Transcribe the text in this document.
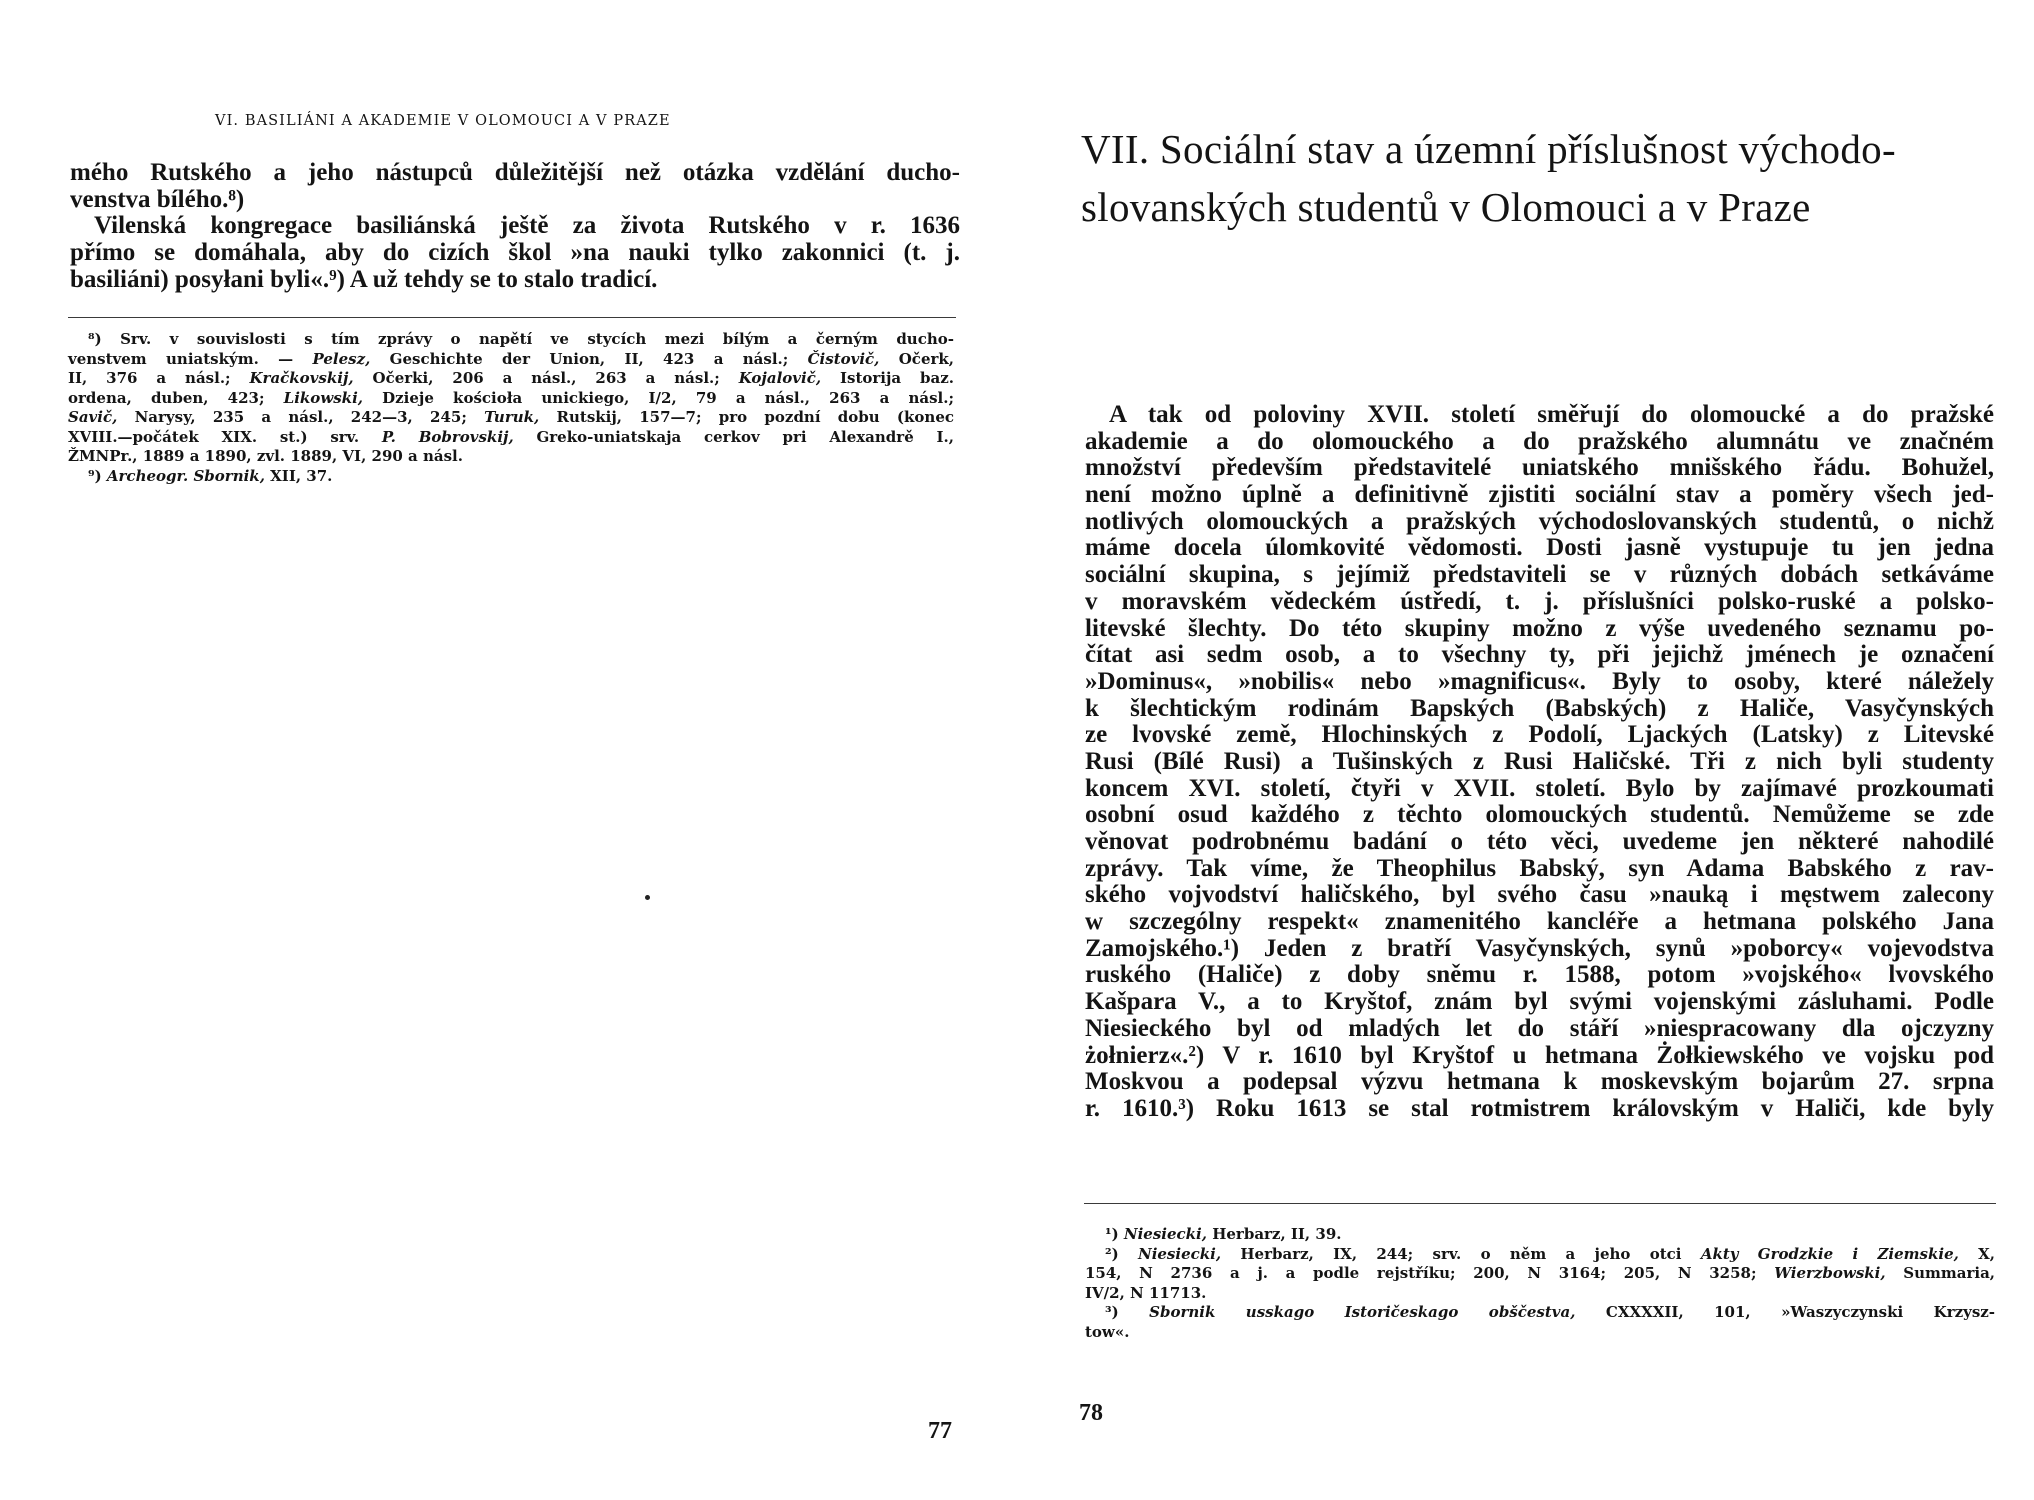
VI. BASILIÁNI A AKADEMIE V OLOMOUCI A V PRAZE
mého Rutského a jeho nástupců důležitější než otázka vzdělání ducho-
venstva bílého.⁸)
Vilenská kongregace basiliánská ještě za života Rutského v r. 1636
přímo se domáhala, aby do cizích škol »na nauki tylko zakonnici (t. j.
basiliáni) posyłani byli«.⁹) A už tehdy se to stalo tradicí.
⁸) Srv. v souvislosti s tím zprávy o napětí ve stycích mezi bílým a černým ducho-
venstvem uniatským. — Pelesz, Geschichte der Union, II, 423 a násl.; Čistovič, Očerk,
II, 376 a násl.; Kračkovskij, Očerki, 206 a násl., 263 a násl.; Kojalovič, Istorija baz.
ordena, duben, 423; Likowski, Dzieje kościoła unickiego, I/2, 79 a násl., 263 a násl.;
Savič, Narysy, 235 a násl., 242—3, 245; Turuk, Rutskij, 157—7; pro pozdní dobu (konec
XVIII.—počátek XIX. st.) srv. P. Bobrovskij, Greko-uniatskaja cerkov pri Alexandrě I.,
ŽMNPr., 1889 a 1890, zvl. 1889, VI, 290 a násl.
⁹) Archeogr. Sbornik, XII, 37.
77
VII. Sociální stav a územní příslušnost východo-
slovanských studentů v Olomouci a v Praze
A tak od poloviny XVII. století směřují do olomoucké a do pražské
akademie a do olomouckého a do pražského alumnátu ve značném
množství především představitelé uniatského mnišského řádu. Bohužel,
není možno úplně a definitivně zjistiti sociální stav a poměry všech jed-
notlivých olomouckých a pražských východoslovanských studentů, o nichž
máme docela úlomkovité vědomosti. Dosti jasně vystupuje tu jen jedna
sociální skupina, s jejímiž představiteli se v různých dobách setkáváme
v moravském vědeckém ústředí, t. j. příslušníci polsko-ruské a polsko-
litevské šlechty. Do této skupiny možno z výše uvedeného seznamu po-
čítat asi sedm osob, a to všechny ty, při jejichž jménech je označení
»Dominus«, »nobilis« nebo »magnificus«. Byly to osoby, které náležely
k šlechtickým rodinám Bapských (Babských) z Haliče, Vasyčynských
ze lvovské země, Hlochinských z Podolí, Ljackých (Latsky) z Litevské
Rusi (Bílé Rusi) a Tušinských z Rusi Haličské. Tři z nich byli studenty
koncem XVI. století, čtyři v XVII. století. Bylo by zajímavé prozkoumati
osobní osud každého z těchto olomouckých studentů. Nemůžeme se zde
věnovat podrobnému badání o této věci, uvedeme jen některé nahodilé
zprávy. Tak víme, že Theophilus Babský, syn Adama Babského z rav-
ského vojvodství haličského, byl svého času »nauką i męstwem zalecony
w szczególny respekt« znamenitého kancléře a hetmana polského Jana
Zamojského.¹) Jeden z bratří Vasyčynských, synů »poborcy« vojevodstva
ruského (Haliče) z doby sněmu r. 1588, potom »vojského« lvovského
Kašpara V., a to Kryštof, znám byl svými vojenskými zásluhami. Podle
Niesieckého byl od mladých let do stáří »niespracowany dla ojczyzny
żołnierz«.²) V r. 1610 byl Kryštof u hetmana Żołkiewského ve vojsku pod
Moskvou a podepsal výzvu hetmana k moskevským bojarům 27. srpna
r. 1610.³) Roku 1613 se stal rotmistrem královským v Haliči, kde byly
¹) Niesiecki, Herbarz, II, 39.
²) Niesiecki, Herbarz, IX, 244; srv. o něm a jeho otci Akty Grodzkie i Ziemskie, X,
154, N 2736 a j. a podle rejstříku; 200, N 3164; 205, N 3258; Wierzbowski, Summaria,
IV/2, N 11713.
³) Sbornik usskago Istoričeskago obščestva, CXXXXII, 101, »Waszyczynski Krzysz-
tow«.
78
